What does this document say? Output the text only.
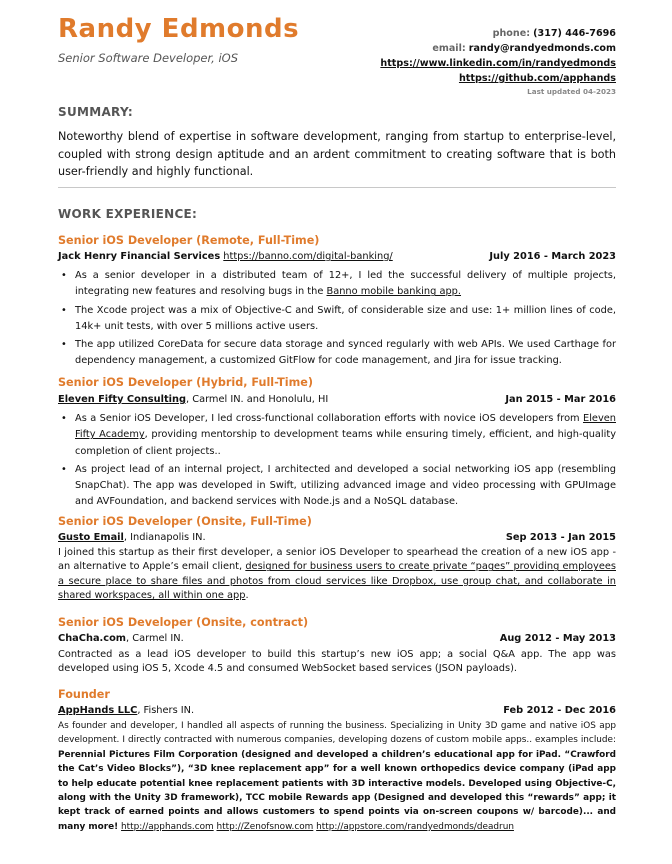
Randy Edmonds
Senior Software Developer, iOS
phone: (317) 446-7696
email: randy@randyedmonds.com
https://www.linkedin.com/in/randyedmonds
https://github.com/apphands
Last updated 04-2023
SUMMARY:
Noteworthy blend of expertise in software development, ranging from startup to enterprise-level, coupled with strong design aptitude and an ardent commitment to creating software that is both user-friendly and highly functional.
WORK EXPERIENCE:
Senior iOS Developer (Remote, Full-Time)
Jack Henry Financial Services https://banno.com/digital-banking/	July 2016 - March 2023
• As a senior developer in a distributed team of 12+, I led the successful delivery of multiple projects, integrating new features and resolving bugs in the Banno mobile banking app.
• The Xcode project was a mix of Objective-C and Swift, of considerable size and use: 1+ million lines of code, 14k+ unit tests, with over 5 millions active users.
• The app utilized CoreData for secure data storage and synced regularly with web APIs. We used Carthage for dependency management, a customized GitFlow for code management, and Jira for issue tracking.
Senior iOS Developer (Hybrid, Full-Time)
Eleven Fifty Consulting, Carmel IN. and Honolulu, HI	Jan 2015 - Mar 2016
• As a Senior iOS Developer, I led cross-functional collaboration efforts with novice iOS developers from Eleven Fifty Academy, providing mentorship to development teams while ensuring timely, efficient, and high-quality completion of client projects..
• As project lead of an internal project, I architected and developed a social networking iOS app (resembling SnapChat). The app was developed in Swift, utilizing advanced image and video processing with GPUImage and AVFoundation, and backend services with Node.js and a NoSQL database.
Senior iOS Developer (Onsite, Full-Time)
Gusto Email, Indianapolis IN.	Sep 2013 - Jan 2015
I joined this startup as their first developer, a senior iOS Developer to spearhead the creation of a new iOS app - an alternative to Apple’s email client, designed for business users to create private “pages” providing employees a secure place to share files and photos from cloud services like Dropbox, use group chat, and collaborate in shared workspaces, all within one app.
Senior iOS Developer (Onsite, contract)
ChaCha.com, Carmel IN.	Aug 2012 - May 2013
Contracted as a lead iOS developer to build this startup’s new iOS app; a social Q&A app. The app was developed using iOS 5, Xcode 4.5 and consumed WebSocket based services (JSON payloads).
Founder
AppHands LLC, Fishers IN.	Feb 2012 - Dec 2016
As founder and developer, I handled all aspects of running the business. Specializing in Unity 3D game and native iOS app development. I directly contracted with numerous companies, developing dozens of custom mobile apps.. examples include: Perennial Pictures Film Corporation (designed and developed a children’s educational app for iPad. “Crawford the Cat’s Video Blocks”), “3D knee replacement app” for a well known orthopedics device company (iPad app to help educate potential knee replacement patients with 3D interactive models. Developed using Objective-C, along with the Unity 3D framework), TCC mobile Rewards app (Designed and developed this “rewards” app; it kept track of earned points and allows customers to spend points via on-screen coupons w/ barcode)... and many more! http://apphands.com http://Zenofsnow.com http://appstore.com/randyedmonds/deadrun
